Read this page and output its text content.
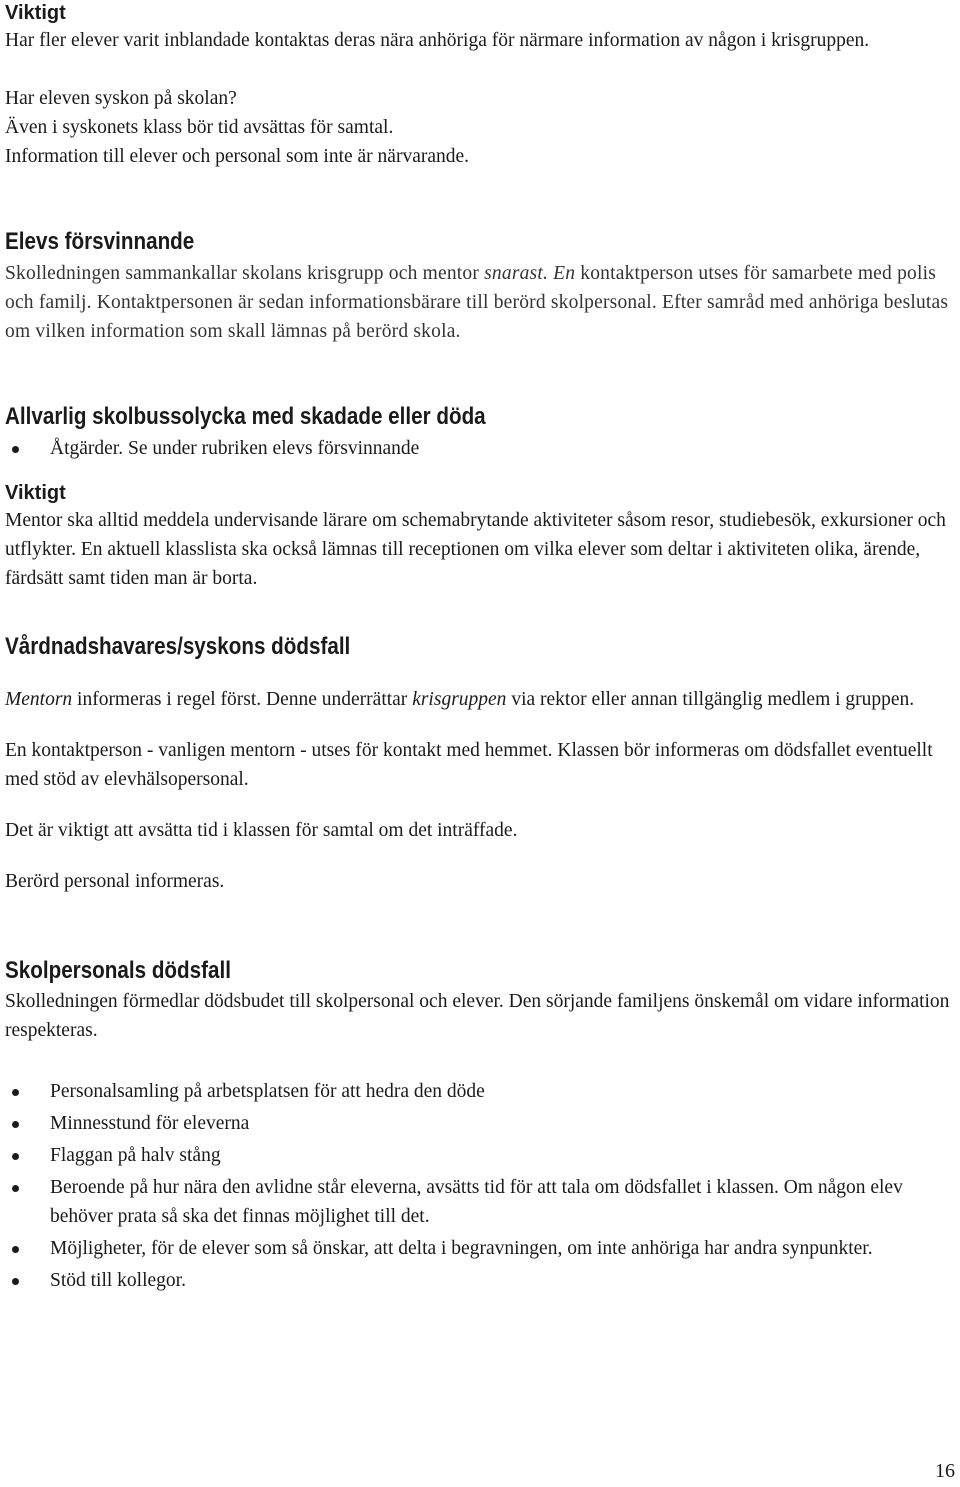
Viktigt

Har fler elever varit inblandade kontaktas deras nära anhöriga för närmare information av någon i krisgruppen.

Har eleven syskon på skolan?

Även i syskonets klass bör tid avsättas för samtal.

Information till elever och personal som inte är närvarande.

Elevs försvinnande

Skolledningen sammankallar skolans krisgrupp och mentor snarast. En kontaktperson utses för samarbete med polis och familj. Kontaktpersonen är sedan informationsbärare till berörd skolpersonal. Efter samråd med anhöriga beslutas om vilken information som skall lämnas på berörd skola.

Allvarlig skolbussolycka med skadade eller döda

Åtgärder. Se under rubriken elevs försvinnande

Viktigt

Mentor ska alltid meddela undervisande lärare om schemabrytande aktiviteter såsom resor, studiebesök, exkursioner och utflykter. En aktuell klasslista ska också lämnas till receptionen om vilka elever som deltar i aktiviteten olika, ärende, färdsätt samt tiden man är borta.

Vårdnadshavares/syskons dödsfall

Mentorn informeras i regel först. Denne underrättar krisgruppen via rektor eller annan tillgänglig medlem i gruppen.

En kontaktperson - vanligen mentorn - utses för kontakt med hemmet. Klassen bör informeras om dödsfallet eventuellt med stöd av elevhälsopersonal.

Det är viktigt att avsätta tid i klassen för samtal om det inträffade.

Berörd personal informeras.

Skolpersonals dödsfall

Skolledningen förmedlar dödsbudet till skolpersonal och elever. Den sörjande familjens önskemål om vidare information respekteras.

Personalsamling på arbetsplatsen för att hedra den döde
Minnesstund för eleverna
Flaggan på halv stång
Beroende på hur nära den avlidne står eleverna, avsätts tid för att tala om dödsfallet i klassen. Om någon elev behöver prata så ska det finnas möjlighet till det.
Möjligheter, för de elever som så önskar, att delta i begravningen, om inte anhöriga har andra synpunkter.
Stöd till kollegor.
16
